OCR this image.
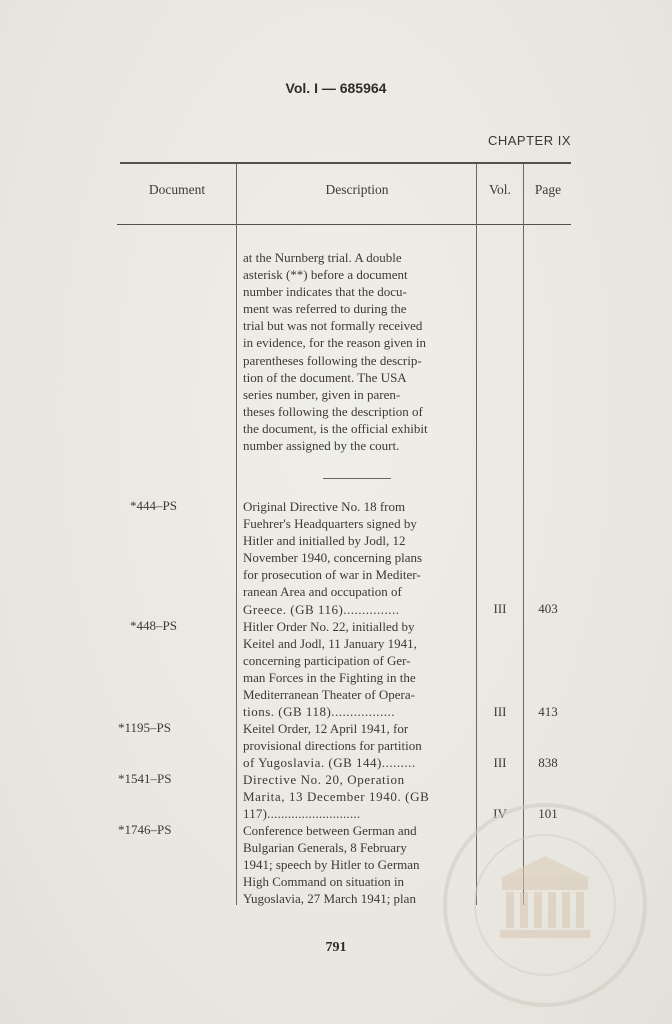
Vol. I — 685964
CHAPTER IX
Document	Description	Vol.	Page
at the Nurnberg trial. A double
asterisk (**) before a document
number indicates that the docu-
ment was referred to during the
trial but was not formally received
in evidence, for the reason given in
parentheses following the descrip-
tion of the document. The USA
series number, given in paren-
theses following the description of
the document, is the official exhibit
number assigned by the court.
*444–PS	Original Directive No. 18 from
Fuehrer's Headquarters signed by
Hitler and initialled by Jodl, 12
November 1940, concerning plans
for prosecution of war in Mediter-
ranean Area and occupation of
Greece. (GB 116)...............	III	403
*448–PS	Hitler Order No. 22, initialled by
Keitel and Jodl, 11 January 1941,
concerning participation of Ger-
man Forces in the Fighting in the
Mediterranean Theater of Opera-
tions. (GB 118).................	III	413
*1195–PS	Keitel Order, 12 April 1941, for
provisional directions for partition
of Yugoslavia. (GB 144).........	III	838
*1541–PS	Directive No. 20, Operation
Marita, 13 December 1940. (GB
117)...........................	IV	101
*1746–PS	Conference between German and
Bulgarian Generals, 8 February
1941; speech by Hitler to German
High Command on situation in
Yugoslavia, 27 March 1941; plan
791
